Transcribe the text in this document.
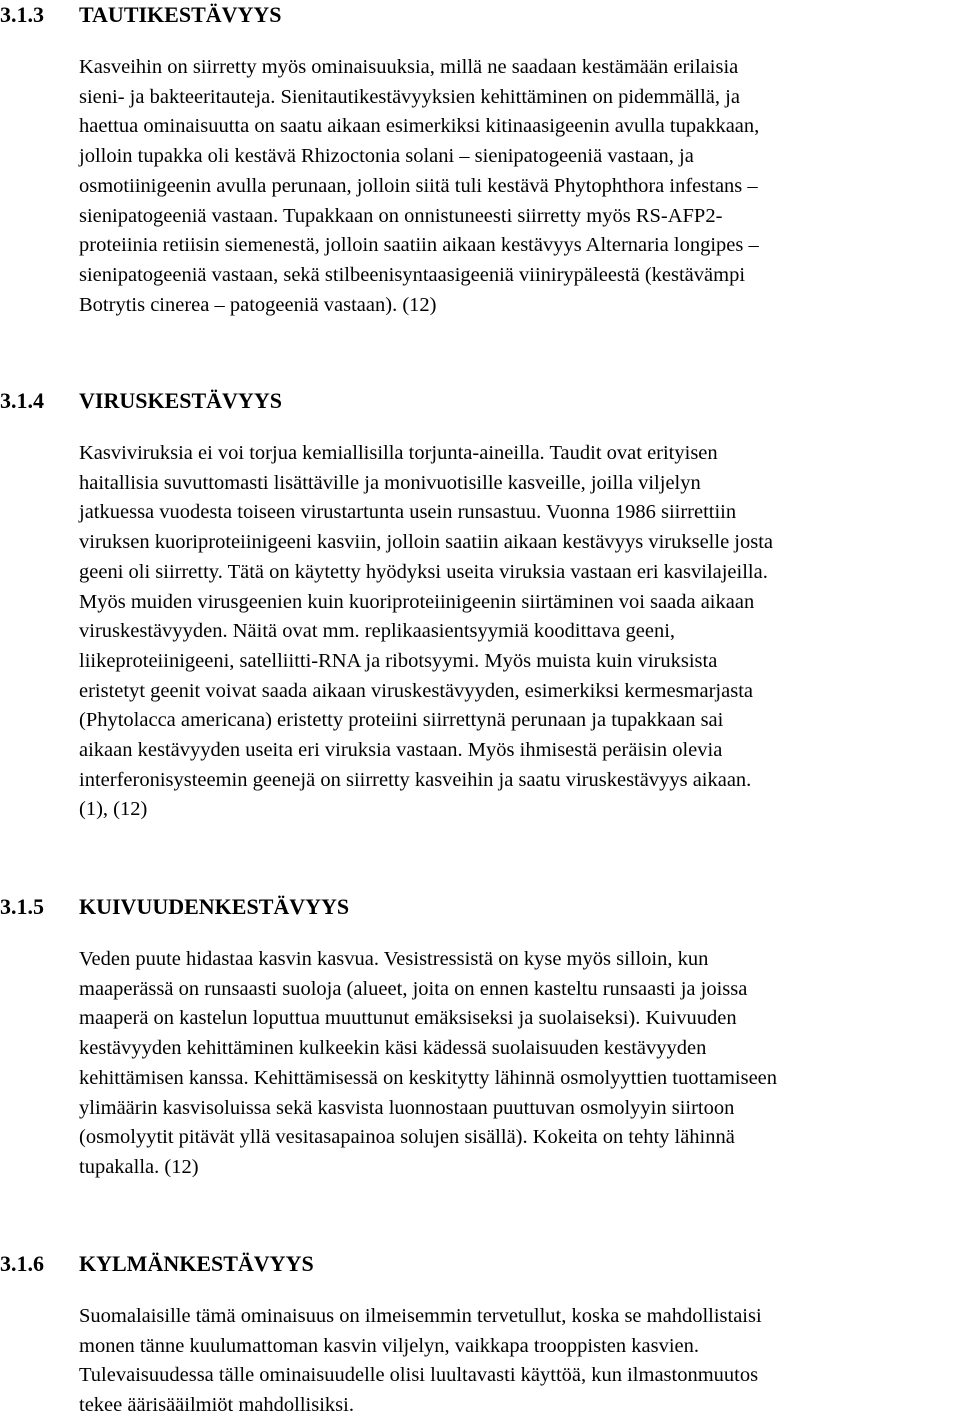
3.1.3 TAUTIKESTÄVYYS

Kasveihin on siirretty myös ominaisuuksia, millä ne saadaan kestämään erilaisia
sieni- ja bakteeritauteja. Sienitautikestävyyksien kehittäminen on pidemmällä, ja
haettua ominaisuutta on saatu aikaan esimerkiksi kitinaasigeenin avulla tupakkaan,
jolloin tupakka oli kestävä Rhizoctonia solani – sienipatogeeniä vastaan, ja
osmotiinigeenin avulla perunaan, jolloin siitä tuli kestävä Phytophthora infestans –
sienipatogeeniä vastaan. Tupakkaan on onnistuneesti siirretty myös RS-AFP2-
proteiinia retiisin siemenestä, jolloin saatiin aikaan kestävyys Alternaria longipes –
sienipatogeeniä vastaan, sekä stilbeenisyntaasigeeniä viinirypäleestä (kestävämpi
Botrytis cinerea – patogeeniä vastaan). (12)

3.1.4 VIRUSKESTÄVYYS

Kasviviruksia ei voi torjua kemiallisilla torjunta-aineilla. Taudit ovat erityisen
haitallisia suvuttomasti lisättäville ja monivuotisille kasveille, joilla viljelyn
jatkuessa vuodesta toiseen virustartunta usein runsastuu. Vuonna 1986 siirrettiin
viruksen kuoriproteiinigeeni kasviin, jolloin saatiin aikaan kestävyys virukselle josta
geeni oli siirretty. Tätä on käytetty hyödyksi useita viruksia vastaan eri kasvilajeilla.
Myös muiden virusgeenien kuin kuoriproteiinigeenin siirtäminen voi saada aikaan
viruskestävyyden. Näitä ovat mm. replikaasientsyymiä koodittava geeni,
liikeproteiinigeeni, satelliitti-RNA ja ribotsyymi. Myös muista kuin viruksista
eristetyt geenit voivat saada aikaan viruskestävyyden, esimerkiksi kermesmarjasta
(Phytolacca americana) eristetty proteiini siirrettynä perunaan ja tupakkaan sai
aikaan kestävyyden useita eri viruksia vastaan. Myös ihmisestä peräisin olevia
interferonisysteemin geenejä on siirretty kasveihin ja saatu viruskestävyys aikaan.
(1), (12)

3.1.5 KUIVUUDENKESTÄVYYS

Veden puute hidastaa kasvin kasvua. Vesistressistä on kyse myös silloin, kun
maaperässä on runsaasti suoloja (alueet, joita on ennen kasteltu runsaasti ja joissa
maaperä on kastelun loputtua muuttunut emäksiseksi ja suolaiseksi). Kuivuuden
kestävyyden kehittäminen kulkeekin käsi kädessä suolaisuuden kestävyyden
kehittämisen kanssa. Kehittämisessä on keskitytty lähinnä osmolyyttien tuottamiseen
ylimäärin kasvisoluissa sekä kasvista luonnostaan puuttuvan osmolyyin siirtoon
(osmolyytit pitävät yllä vesitasapainoa solujen sisällä). Kokeita on tehty lähinnä
tupakalla. (12)

3.1.6 KYLMÄNKESTÄVYYS

Suomalaisille tämä ominaisuus on ilmeisemmin tervetullut, koska se mahdollistaisi
monen tänne kuulumattoman kasvin viljelyn, vaikkapa trooppisten kasvien.
Tulevaisuudessa tälle ominaisuudelle olisi luultavasti käyttöä, kun ilmastonmuutos
tekee äärisääilmiöt mahdollisiksi.
